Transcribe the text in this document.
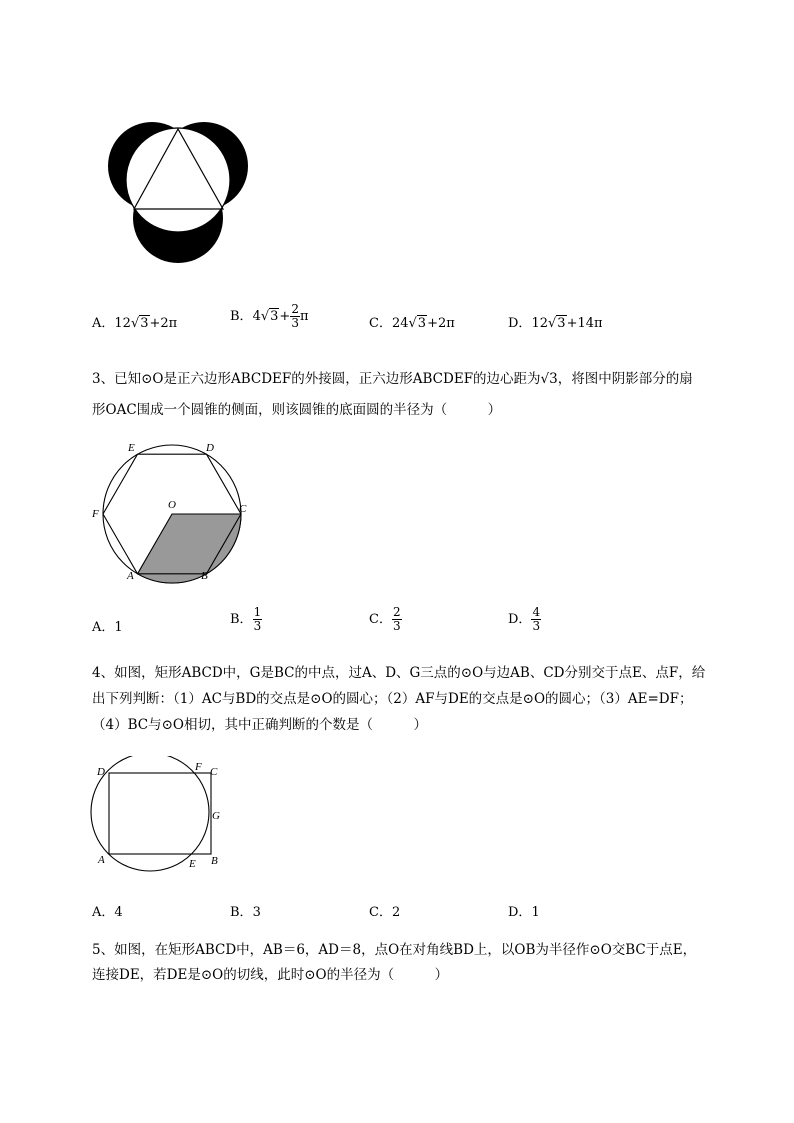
A．12√3+2π	B．$4√3+ \frac{2}{3}$ π	C．24√3+2π	D．12√3+14π
3、已知⊙O是正六边形ABCDEF的外接圆，正六边形ABCDEF的边心距为√3，将图中阴影部分的扇
形OAC围成一个圆锥的侧面，则该圆锥的底面圆的半径为（　　　）
E	D
F
O	C
A	B
A．1
B． $\frac{1}{3}$	C． $\frac{2}{3}$	D． $\frac{4}{3}$
4、如图，矩形ABCD中，G是BC的中点，过A、D、G三点的⊙O与边AB、CD分别交于点E、点F，给
出下列判断：（1）AC与BD的交点是⊙O的圆心；（2）AF与DE的交点是⊙O的圆心；（3）AE=DF；
（4）BC与⊙O相切，其中正确判断的个数是（　　　）
D	F C
G
A	E B
A．4	B．3	C．2	D．1
5、如图，在矩形ABCD中，AB＝6，AD＝8，点O在对角线BD上，以OB为半径作⊙O交BC于点E，
连接DE，若DE是⊙O的切线，此时⊙O的半径为（　　　）
